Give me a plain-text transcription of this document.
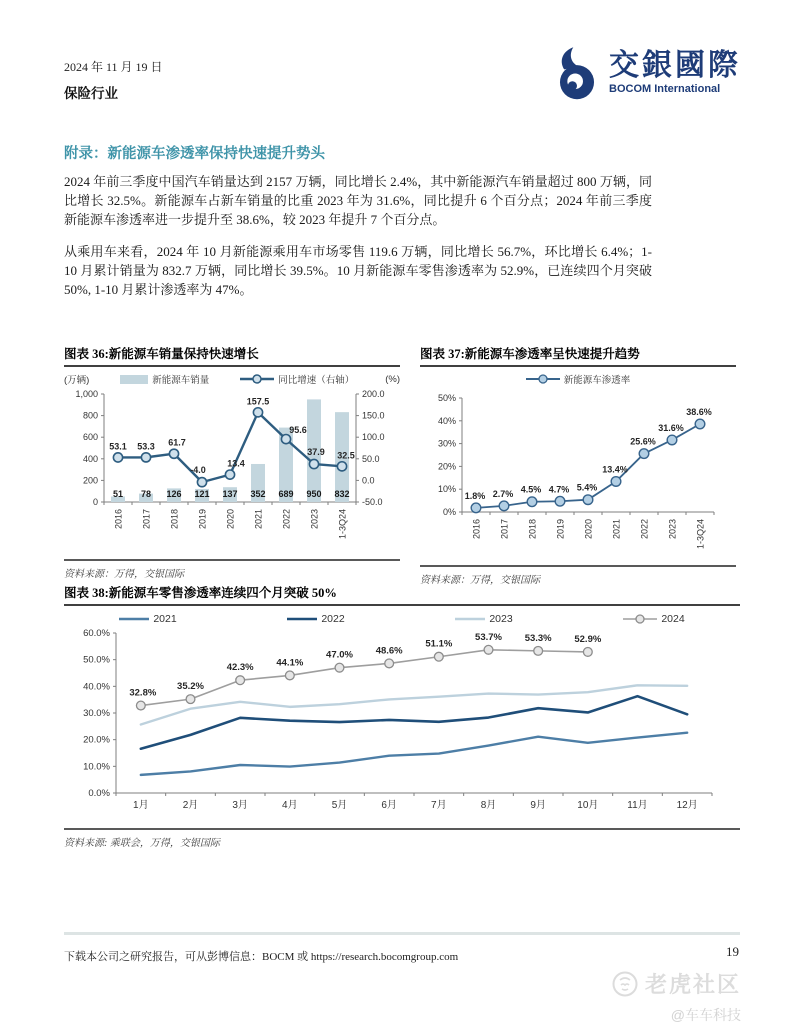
2024 年 11 月 19 日
保险行业
交銀國際
BOCOM International
附录：新能源车渗透率保持快速提升势头

2024 年前三季度中国汽车销量达到 2157 万辆，同比增长 2.4%，其中新能源汽车销量超过 800 万辆，同比增长 32.5%。新能源车占新车销量的比重 2023 年为 31.6%，同比提升 6 个百分点；2024 年前三季度新能源车渗透率进一步提升至 38.6%，较 2023 年提升 7 个百分点。

从乘用车来看，2024 年 10 月新能源乘用车市场零售 119.6 万辆，同比增长 56.7%，环比增长 6.4%；1-10 月累计销量为 832.7 万辆，同比增长 39.5%。10 月新能源车零售渗透率为 52.9%，已连续四个月突破 50%, 1-10 月累计渗透率为 47%。

图表 36:新能源车销量保持快速增长
(万辆)	新能源车销量	同比增速（右轴）	(%)
0
200
400
600
800
1,000
-50.0
0.0
50.0
100.0
150.0
200.0
53.1 53.3 61.7
-4.0
13.4
157.5
95.6
37.9 32.5
51 78 126 121 137 352 689 950 832
2016 2017 2018 2019 2020 2021 2022 2023 1-3Q24
资料来源：万得，交银国际
图表 37:新能源车渗透率呈快速提升趋势
新能源车渗透率
0%
10%
20%
30%
40%
50%
1.8% 2.7% 4.5% 4.7% 5.4%
13.4%
25.6%
31.6%
38.6%
2016 2017 2018 2019 2020 2021 2022 2023 1-3Q24
资料来源：万得，交银国际
图表 38:新能源车零售渗透率连续四个月突破 50%
2021	2022	2023	2024
0.0%
10.0%
20.0%
30.0%
40.0%
50.0%
60.0%
1月	2月	3月	4月	5月	6月	7月	8月	9月	10月	11月	12月
32.8%
35.2%
42.3% 44.1%
47.0% 48.6%
51.1%
53.7% 53.3% 52.9%
资料来源: 乘联会，万得，交银国际
下载本公司之研究报告，可从彭博信息：BOCM 或 https://research.bocomgroup.com	19
老虎社区
@车车科技
